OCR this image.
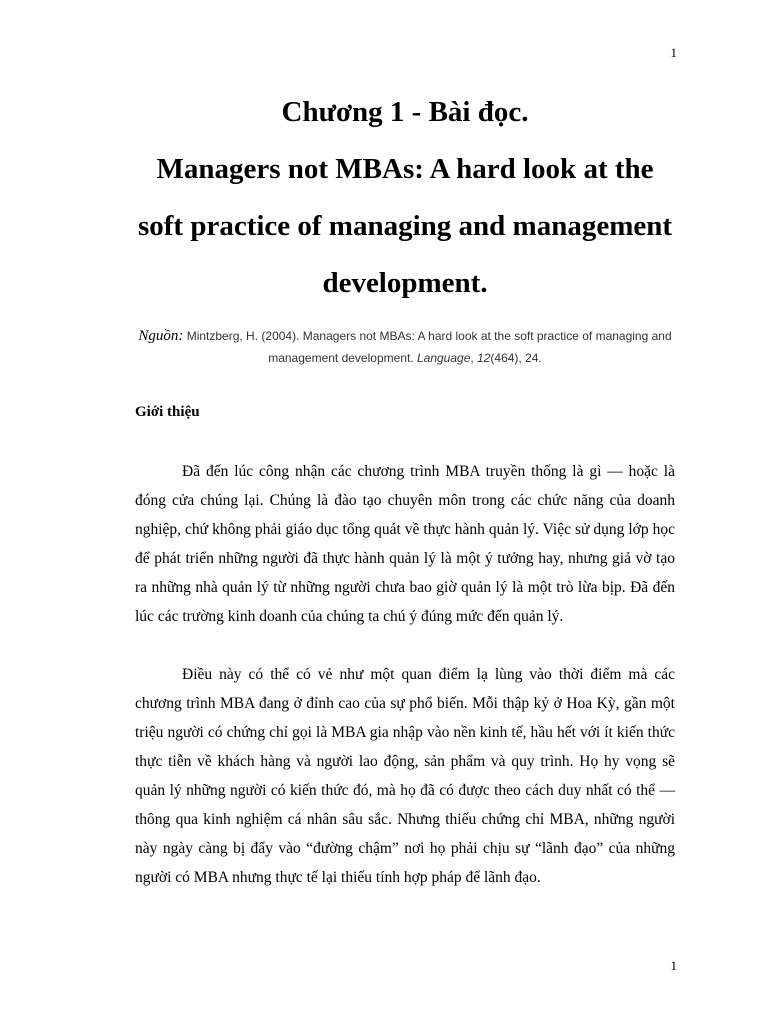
1
Chương 1 - Bài đọc.
Managers not MBAs: A hard look at the soft practice of managing and management development.

Nguồn: Mintzberg, H. (2004). Managers not MBAs: A hard look at the soft practice of managing and management development. Language, 12(464), 24.

Giới thiệu

Đã đến lúc công nhận các chương trình MBA truyền thống là gì — hoặc là đóng cửa chúng lại. Chúng là đào tạo chuyên môn trong các chức năng của doanh nghiệp, chứ không phải giáo dục tổng quát về thực hành quản lý. Việc sử dụng lớp học để phát triển những người đã thực hành quản lý là một ý tưởng hay, nhưng giả vờ tạo ra những nhà quản lý từ những người chưa bao giờ quản lý là một trò lừa bịp. Đã đến lúc các trường kinh doanh của chúng ta chú ý đúng mức đến quản lý.

Điều này có thể có vẻ như một quan điểm lạ lùng vào thời điểm mà các chương trình MBA đang ở đỉnh cao của sự phổ biến. Mỗi thập kỷ ở Hoa Kỳ, gần một triệu người có chứng chỉ gọi là MBA gia nhập vào nền kinh tế, hầu hết với ít kiến thức thực tiễn về khách hàng và người lao động, sản phẩm và quy trình. Họ hy vọng sẽ quản lý những người có kiến thức đó, mà họ đã có được theo cách duy nhất có thể — thông qua kinh nghiệm cá nhân sâu sắc. Nhưng thiếu chứng chỉ MBA, những người này ngày càng bị đẩy vào “đường chậm” nơi họ phải chịu sự “lãnh đạo” của những người có MBA nhưng thực tế lại thiếu tính hợp pháp để lãnh đạo.

1
